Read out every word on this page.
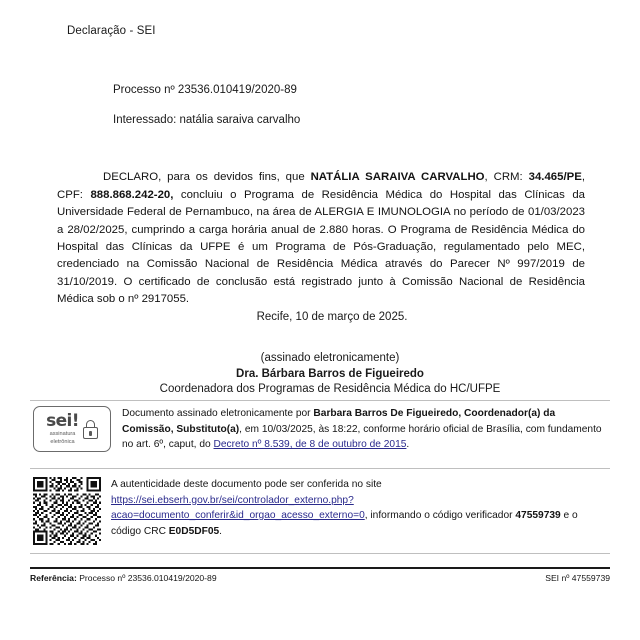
Declaração - SEI
Processo nº 23536.010419/2020-89
Interessado: natália saraiva carvalho

DECLARO, para os devidos fins, que NATÁLIA SARAIVA CARVALHO, CRM: 34.465/PE, CPF: 888.868.242-20, concluiu o Programa de Residência Médica do Hospital das Clínicas da Universidade Federal de Pernambuco, na área de ALERGIA E IMUNOLOGIA no período de 01/03/2023 a 28/02/2025, cumprindo a carga horária anual de 2.880 horas. O Programa de Residência Médica do Hospital das Clínicas da UFPE é um Programa de Pós-Graduação, regulamentado pelo MEC, credenciado na Comissão Nacional de Residência Médica através do Parecer Nº 997/2019 de 31/10/2019. O certificado de conclusão está registrado junto à Comissão Nacional de Residência Médica sob o nº 2917055.

Recife, 10 de março de 2025.
(assinado eletronicamente)
Dra. Bárbara Barros de Figueiredo
Coordenadora dos Programas de Residência Médica do HC/UFPE
sei!
assinatura
eletrônica
Documento assinado eletronicamente por Barbara Barros De Figueiredo, Coordenador(a) da Comissão, Substituto(a), em 10/03/2025, às 18:22, conforme horário oficial de Brasília, com fundamento no art. 6º, caput, do Decreto nº 8.539, de 8 de outubro de 2015.
A autenticidade deste documento pode ser conferida no site https://sei.ebserh.gov.br/sei/controlador_externo.php?acao=documento_conferir&id_orgao_acesso_externo=0, informando o código verificador 47559739 e o código CRC E0D5DF05.
Referência: Processo nº 23536.010419/2020-89	SEI nº 47559739
